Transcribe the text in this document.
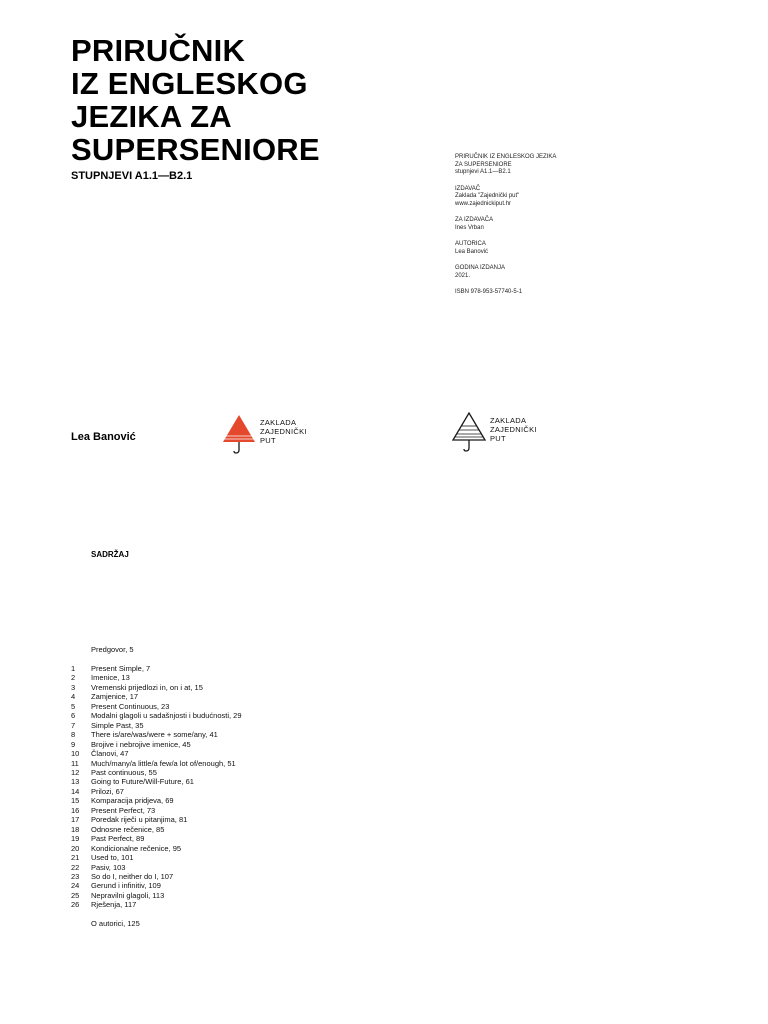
PRIRUČNIK
IZ ENGLESKOG
JEZIKA ZA
SUPERSENIORE
STUPNJEVI A1.1—B2.1
PRIRUČNIK IZ ENGLESKOG JEZIKA
ZA SUPERSENIORE
stupnjevi A1.1—B2.1
IZDAVAČ
Zaklada "Zajednički put"
www.zajednickiput.hr
ZA IZDAVAČA
Ines Vrban
AUTORICA
Lea Banović
GODINA IZDANJA
2021.
ISBN 978-953-57740-5-1
Lea Banović
ZAKLADA
ZAJEDNIČKI
PUT
ZAKLADA
ZAJEDNIČKI
PUT
SADRŽAJ
Predgovor, 5
1	Present Simple, 7
2	Imenice, 13
3	Vremenski prijedlozi in, on i at, 15
4	Zamjenice, 17
5	Present Continuous, 23
6	Modalni glagoli u sadašnjosti i budućnosti, 29
7	Simple Past, 35
8	There is/are/was/were + some/any, 41
9	Brojive i nebrojive imenice, 45
10	Članovi, 47
11	Much/many/a little/a few/a lot of/enough, 51
12	Past continuous, 55
13	Going to Future/Will-Future, 61
14	Prilozi, 67
15	Komparacija pridjeva, 69
16	Present Perfect, 73
17	Poredak riječi u pitanjima, 81
18	Odnosne rečenice, 85
19	Past Perfect, 89
20	Kondicionalne rečenice, 95
21	Used to, 101
22	Pasiv, 103
23	So do I, neither do I, 107
24	Gerund i infinitiv, 109
25	Nepravilni glagoli, 113
26	Rješenja, 117
O autorici, 125
